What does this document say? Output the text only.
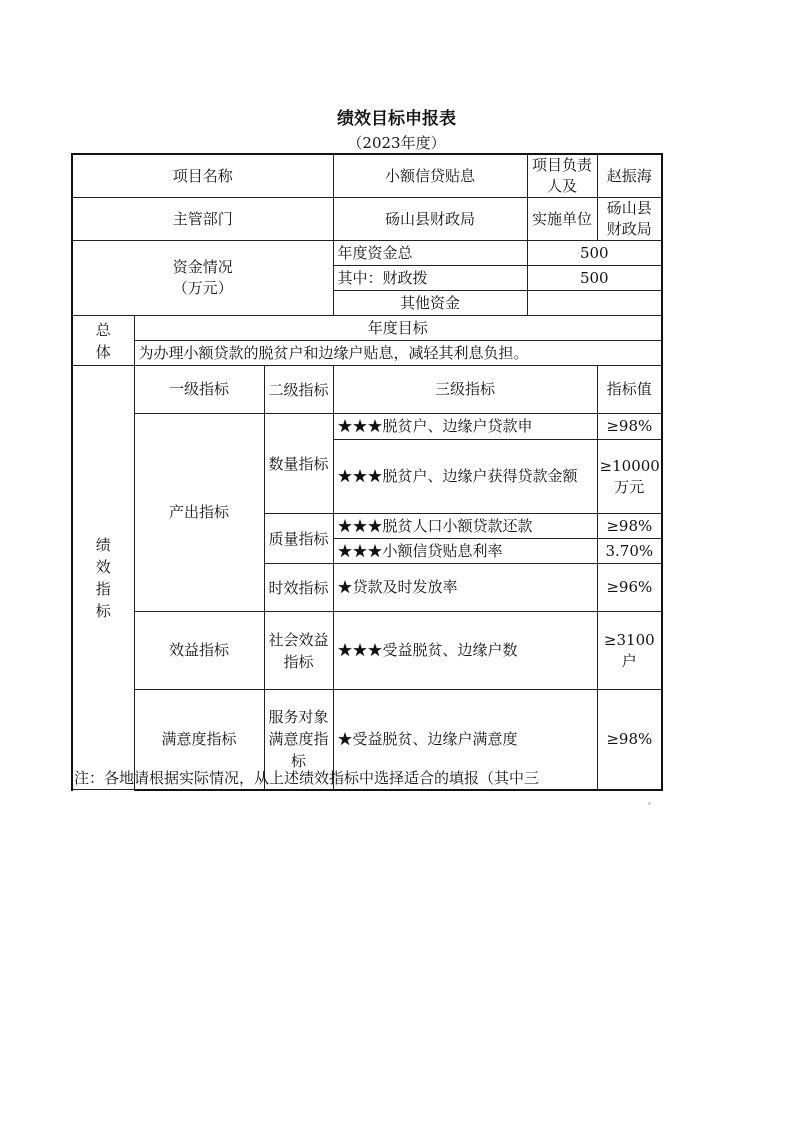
绩效目标申报表
（2023年度）
项目名称			小额信贷贴息	项目负责人及	赵振海
主管部门			砀山县财政局	实施单位	砀山县财政局

资金情况
（万元）			年度资金总	500	
			其中：财政拨	500	
			其他资金		
总体	年度目标				
	为办理小额贷款的脱贫户和边缘户贴息，减轻其利息负担。				
绩效指标	一级指标	二级指标	三级指标		指标值
	产出指标	数量指标	★★★脱贫户、边缘户贷款申		≥98%
			★★★脱贫户、边缘户获得贷款金额		≥10000万元
		质量指标	★★★脱贫人口小额贷款还款		≥98%
			★★★小额信贷贴息利率		3.70%
		时效指标	★贷款及时发放率		≥96%

	效益指标	社会效益指标	★★★受益脱贫、边缘户数		≥3100户
	满意度指标	服务对象满意度指标	★受益脱贫、边缘户满意度		≥98%

注：各地请根据实际情况，从上述绩效指标中选择适合的填报（其中三
